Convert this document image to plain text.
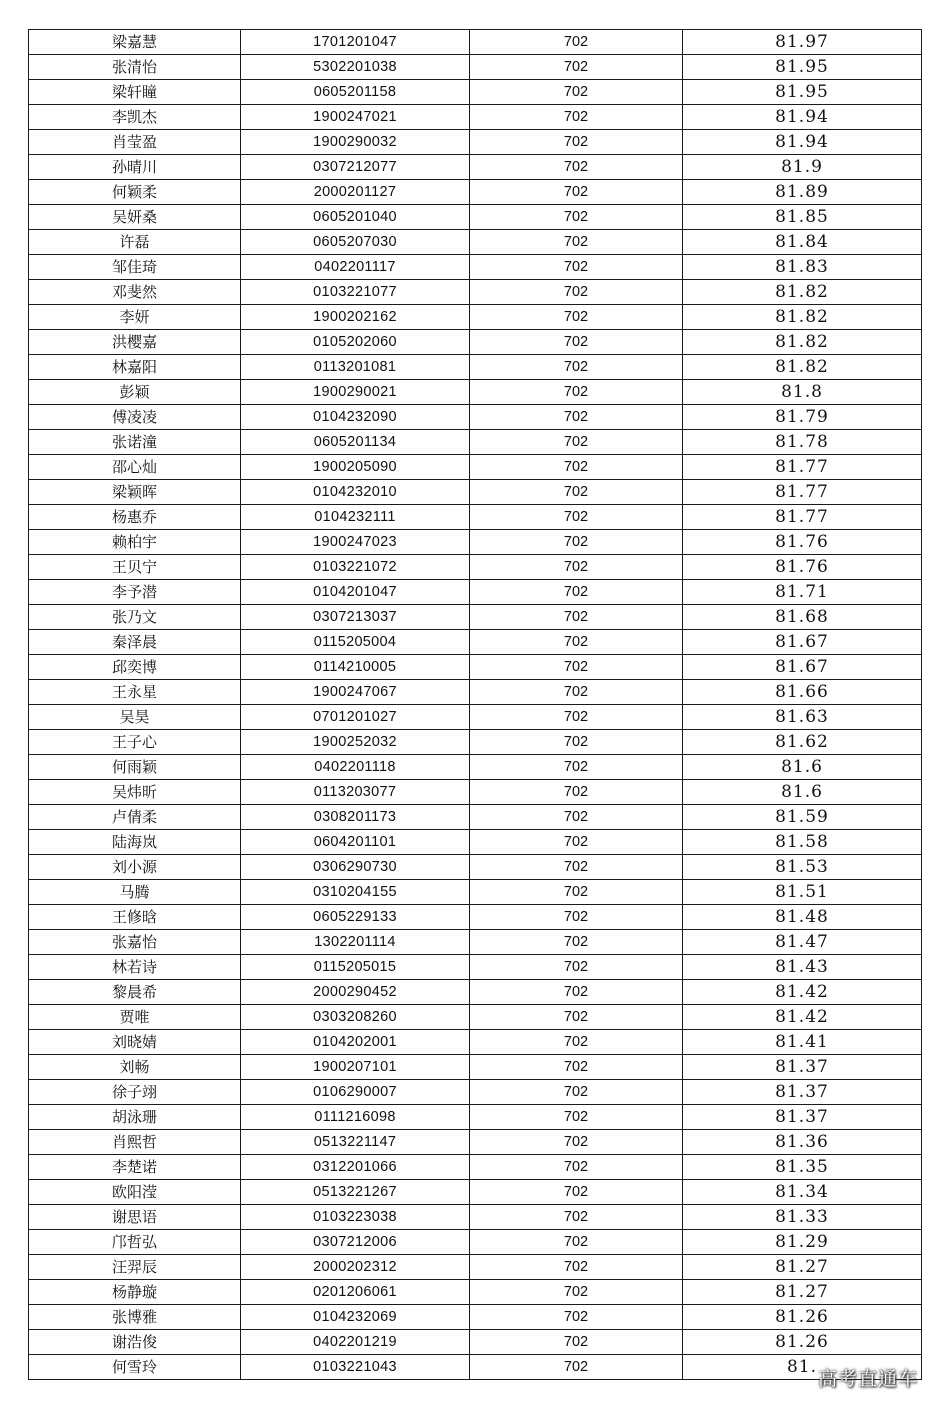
梁嘉慧	1701201047	702	81.97
张清怡	5302201038	702	81.95
梁轩瞳	0605201158	702	81.95
李凯杰	1900247021	702	81.94
肖莹盈	1900290032	702	81.94
孙晴川	0307212077	702	81.9
何颖柔	2000201127	702	81.89
吴妍桑	0605201040	702	81.85
许磊	0605207030	702	81.84
邹佳琦	0402201117	702	81.83
邓斐然	0103221077	702	81.82
李妍	1900202162	702	81.82
洪樱嘉	0105202060	702	81.82
林嘉阳	0113201081	702	81.82
彭颖	1900290021	702	81.8
傅凌凌	0104232090	702	81.79
张诺潼	0605201134	702	81.78
邵心灿	1900205090	702	81.77
梁颖晖	0104232010	702	81.77
杨惠乔	0104232111	702	81.77
赖柏宇	1900247023	702	81.76
王贝宁	0103221072	702	81.76
李予潜	0104201047	702	81.71
张乃文	0307213037	702	81.68
秦泽晨	0115205004	702	81.67
邱奕博	0114210005	702	81.67
王永星	1900247067	702	81.66
吴昊	0701201027	702	81.63
王子心	1900252032	702	81.62
何雨颖	0402201118	702	81.6
吴炜昕	0113203077	702	81.6
卢倩柔	0308201173	702	81.59
陆海岚	0604201101	702	81.58
刘小源	0306290730	702	81.53
马腾	0310204155	702	81.51
王修晗	0605229133	702	81.48
张嘉怡	1302201114	702	81.47
林若诗	0115205015	702	81.43
黎晨希	2000290452	702	81.42
贾唯	0303208260	702	81.42
刘晓婧	0104202001	702	81.41
刘畅	1900207101	702	81.37
徐子翊	0106290007	702	81.37
胡泳珊	0111216098	702	81.37
肖熙哲	0513221147	702	81.36
李楚诺	0312201066	702	81.35
欧阳滢	0513221267	702	81.34
谢思语	0103223038	702	81.33
邝哲弘	0307212006	702	81.29
汪羿辰	2000202312	702	81.27
杨静璇	0201206061	702	81.27
张博雅	0104232069	702	81.26
谢浩俊	0402201219	702	81.26
何雪玲	0103221043	702	81.
高考直通车
